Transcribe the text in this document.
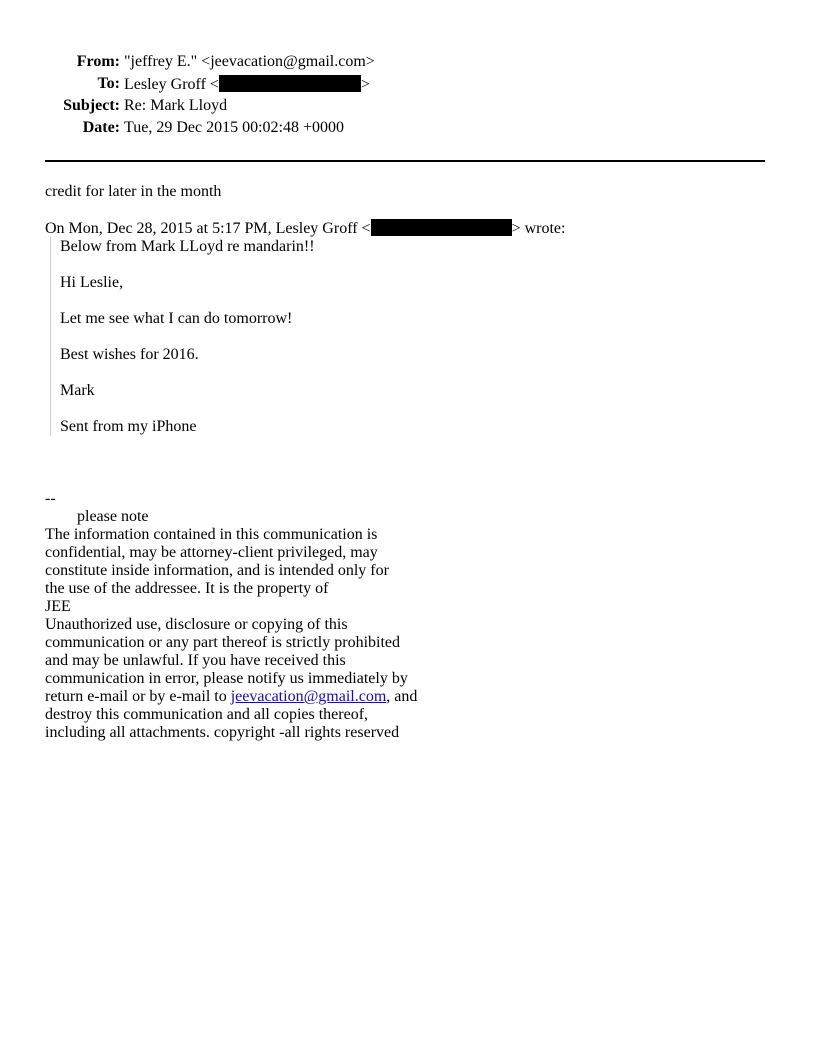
From: "jeffrey E." <jeevacation@gmail.com>
To: Lesley Groff <	>
Subject: Re: Mark Lloyd
Date: Tue, 29 Dec 2015 00:02:48 +0000
credit for later in the month
On Mon, Dec 28, 2015 at 5:17 PM, Lesley Groff <	> wrote:
Below from Mark LLoyd re mandarin!!
Hi Leslie,
Let me see what I can do tomorrow!
Best wishes for 2016.
Mark
Sent from my iPhone
--
please note
The information contained in this communication is
confidential, may be attorney-client privileged, may
constitute inside information, and is intended only for
the use of the addressee. It is the property of
JEE
Unauthorized use, disclosure or copying of this
communication or any part thereof is strictly prohibited
and may be unlawful. If you have received this
communication in error, please notify us immediately by
return e-mail or by e-mail to jeevacation@gmail.com, and
destroy this communication and all copies thereof,
including all attachments. copyright -all rights reserved
